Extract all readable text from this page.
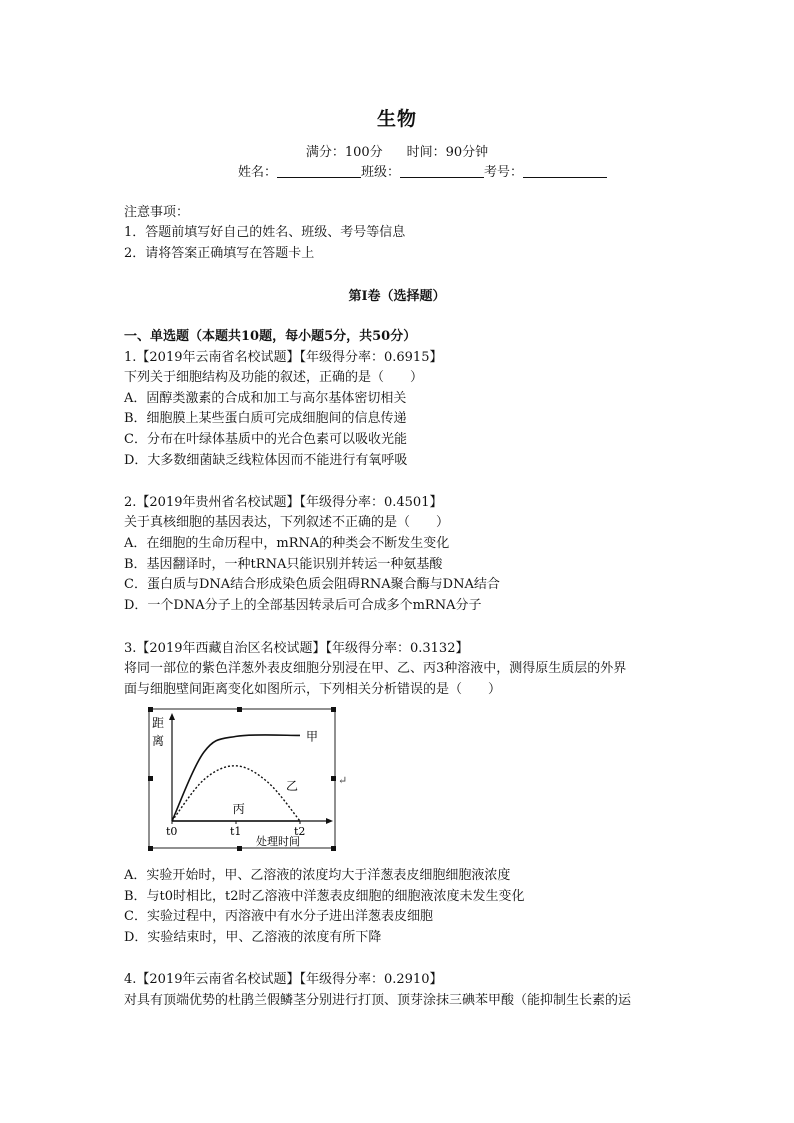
生物
满分：100分 时间：90分钟
姓名：	班级：	考号：
注意事项：
1．答题前填写好自己的姓名、班级、考号等信息
2．请将答案正确填写在答题卡上
第I卷（选择题）
一、单选题（本题共10题，每小题5分，共50分）
1.【2019年云南省名校试题】【年级得分率：0.6915】
下列关于细胞结构及功能的叙述，正确的是（　　）
A．固醇类激素的合成和加工与高尔基体密切相关
B．细胞膜上某些蛋白质可完成细胞间的信息传递
C．分布在叶绿体基质中的光合色素可以吸收光能
D．大多数细菌缺乏线粒体因而不能进行有氧呼吸
2.【2019年贵州省名校试题】【年级得分率：0.4501】
关于真核细胞的基因表达，下列叙述不正确的是（　　）
A．在细胞的生命历程中，mRNA的种类会不断发生变化
B．基因翻译时，一种tRNA只能识别并转运一种氨基酸
C．蛋白质与DNA结合形成染色质会阻碍RNA聚合酶与DNA结合
D．一个DNA分子上的全部基因转录后可合成多个mRNA分子
3.【2019年西藏自治区名校试题】【年级得分率：0.3132】
将同一部位的紫色洋葱外表皮细胞分别浸在甲、乙、丙3种溶液中，测得原生质层的外界
面与细胞壁间距离变化如图所示，下列相关分析错误的是（　　）
距
离	甲
乙
丙
t0	t1	t2
处理时间
↵
A．实验开始时，甲、乙溶液的浓度均大于洋葱表皮细胞细胞液浓度
B．与t0时相比，t2时乙溶液中洋葱表皮细胞的细胞液浓度未发生变化
C．实验过程中，丙溶液中有水分子进出洋葱表皮细胞
D．实验结束时，甲、乙溶液的浓度有所下降
4.【2019年云南省名校试题】【年级得分率：0.2910】
对具有顶端优势的杜鹃兰假鳞茎分别进行打顶、顶芽涂抹三碘苯甲酸（能抑制生长素的运
